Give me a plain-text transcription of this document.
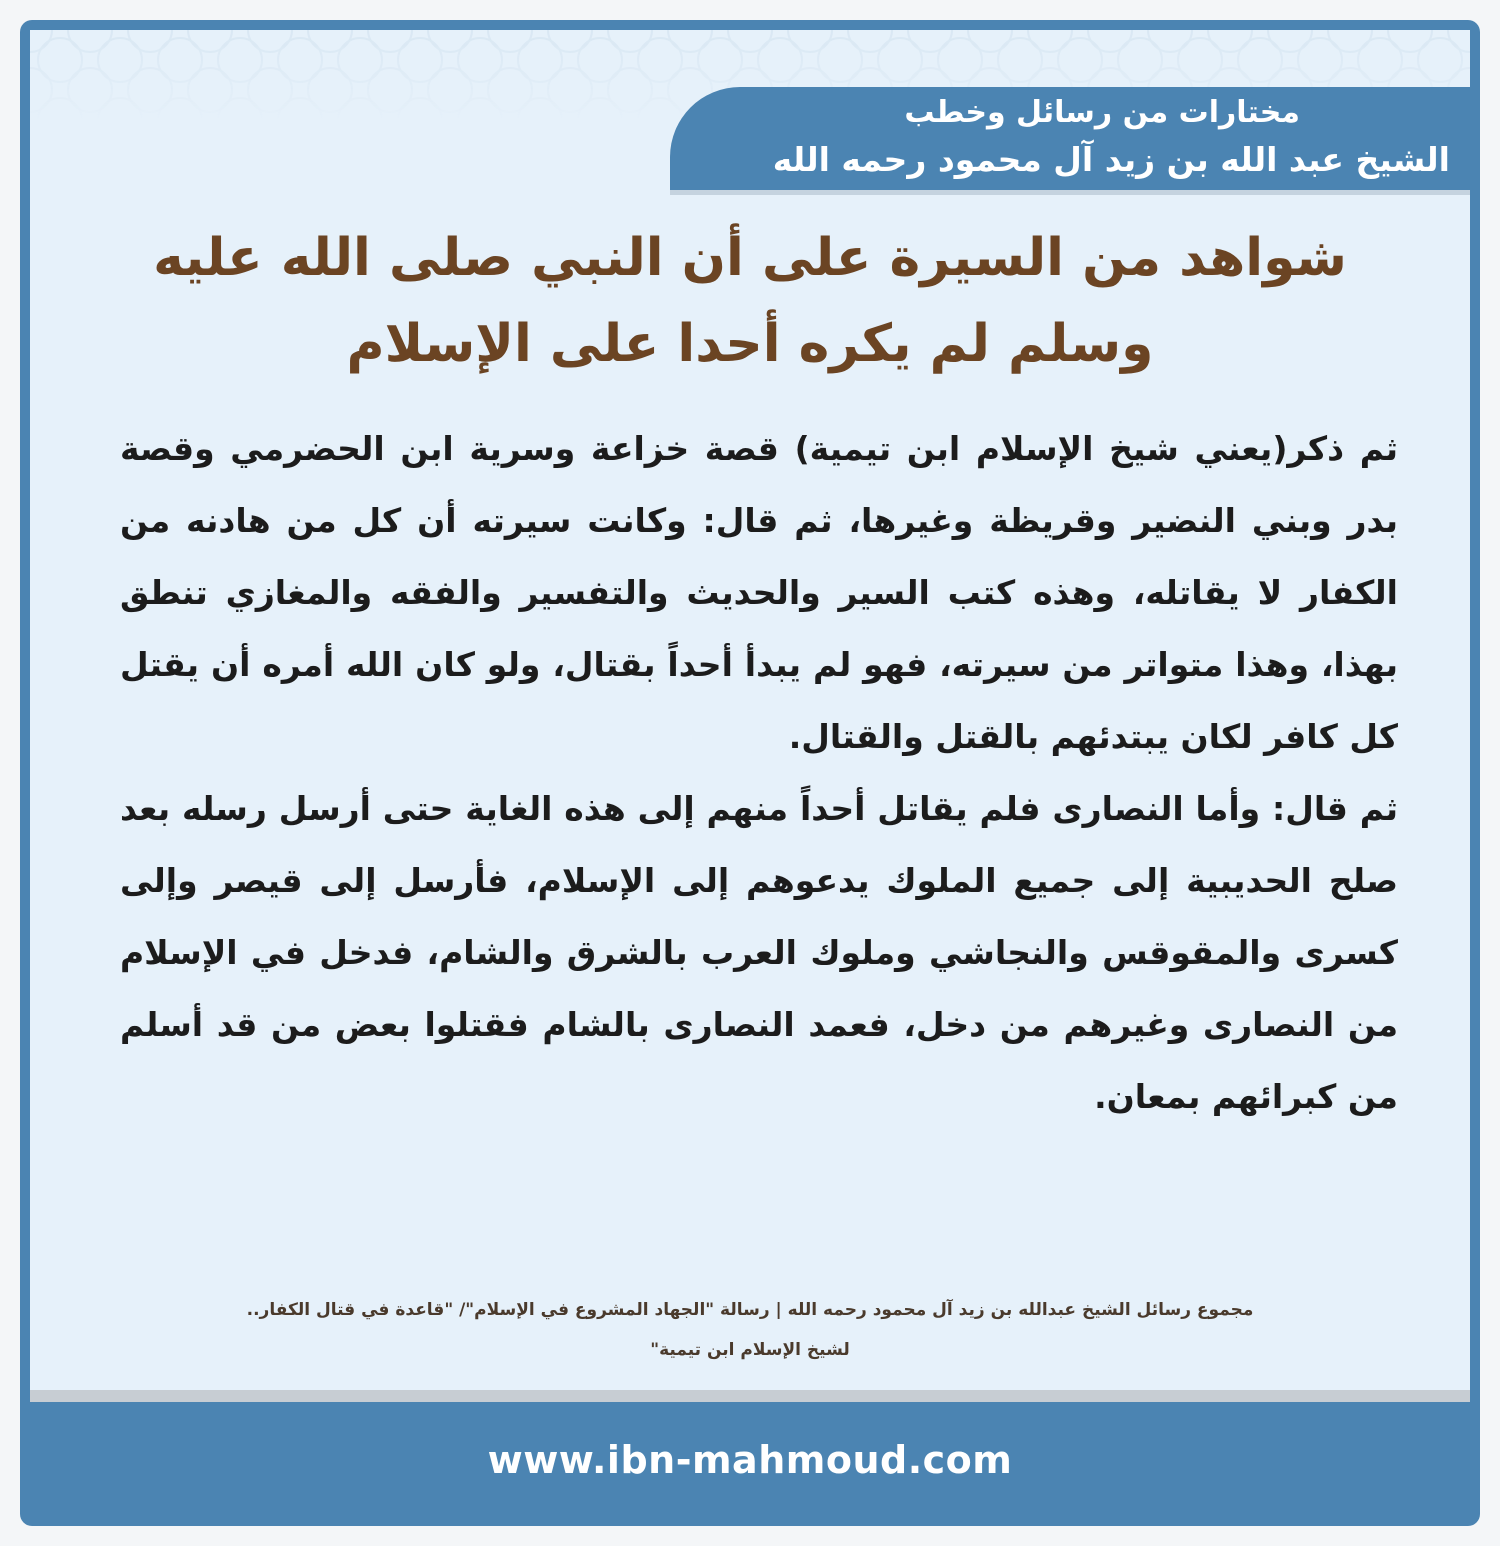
مختارات من رسائل وخطب
الشيخ عبد الله بن زيد آل محمود رحمه الله
شواهد من السيرة على أن النبي صلى الله عليه
وسلم لم يكره أحدا على الإسلام

ثم ذكر(يعني شيخ الإسلام ابن تيمية) قصة خزاعة وسرية ابن الحضرمي وقصة بدر وبني النضير وقريظة وغيرها، ثم قال: وكانت سيرته أن كل من هادنه من الكفار لا يقاتله، وهذه كتب السير والحديث والتفسير والفقه والمغازي تنطق بهذا، وهذا متواتر من سيرته، فهو لم يبدأ أحداً بقتال، ولو كان الله أمره أن يقتل كل كافر لكان يبتدئهم بالقتل والقتال.

ثم قال: وأما النصارى فلم يقاتل أحداً منهم إلى هذه الغاية حتى أرسل رسله بعد صلح الحديبية إلى جميع الملوك يدعوهم إلى الإسلام، فأرسل إلى قيصر وإلى كسرى والمقوقس والنجاشي وملوك العرب بالشرق والشام، فدخل في الإسلام من النصارى وغيرهم من دخل، فعمد النصارى بالشام فقتلوا بعض من قد أسلم من كبرائهم بمعان.

مجموع رسائل الشيخ عبدالله بن زيد آل محمود رحمه الله | رسالة "الجهاد المشروع في الإسلام"/ "قاعدة في قتال الكفار..
لشيخ الإسلام ابن تيمية"
www.ibn-mahmoud.com
